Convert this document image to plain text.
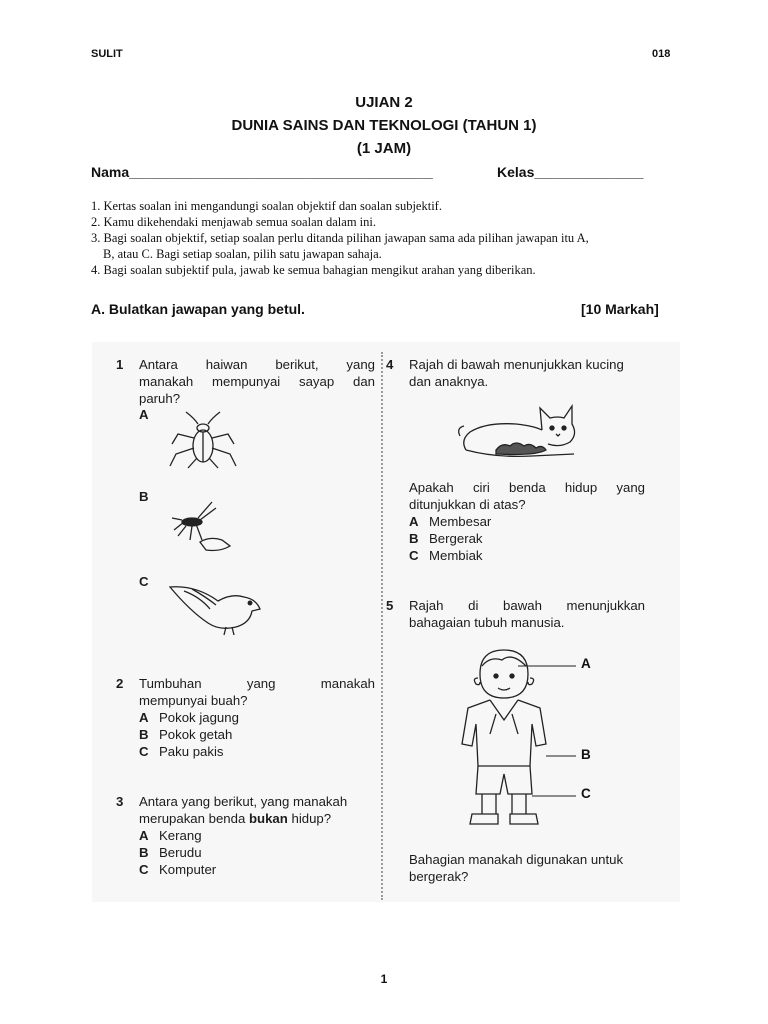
SULIT	018
UJIAN 2
DUNIA SAINS DAN TEKNOLOGI (TAHUN 1)
(1 JAM)
Nama_______________________________________	Kelas______________
1. Kertas soalan ini mengandungi soalan objektif dan soalan subjektif.
2. Kamu dikehendaki menjawab semua soalan dalam ini.
3. Bagi soalan objektif, setiap soalan perlu ditanda pilihan jawapan sama ada pilihan jawapan itu A,
B, atau C. Bagi setiap soalan, pilih satu jawapan sahaja.
4. Bagi soalan subjektif pula, jawab ke semua bahagian mengikut arahan yang diberikan.
A. Bulatkan jawapan yang betul.	[10 Markah]
1 Antara haiwan berikut, yang
manakah mempunyai sayap dan
paruh?
A
B
C
2 Tumbuhan yang manakah
mempunyai buah?
A Pokok jagung
B Pokok getah
C Paku pakis
3 Antara yang berikut, yang manakah
merupakan benda bukan hidup?
A Kerang
B Berudu
C Komputer
4 Rajah di bawah menunjukkan kucing
dan anaknya.
Apakah ciri benda hidup yang
ditunjukkan di atas?
A Membesar
B Bergerak
C Membiak
5 Rajah di bawah menunjukkan
bahagaian tubuh manusia.
A
B
C
Bahagian manakah digunakan untuk
bergerak?
1
